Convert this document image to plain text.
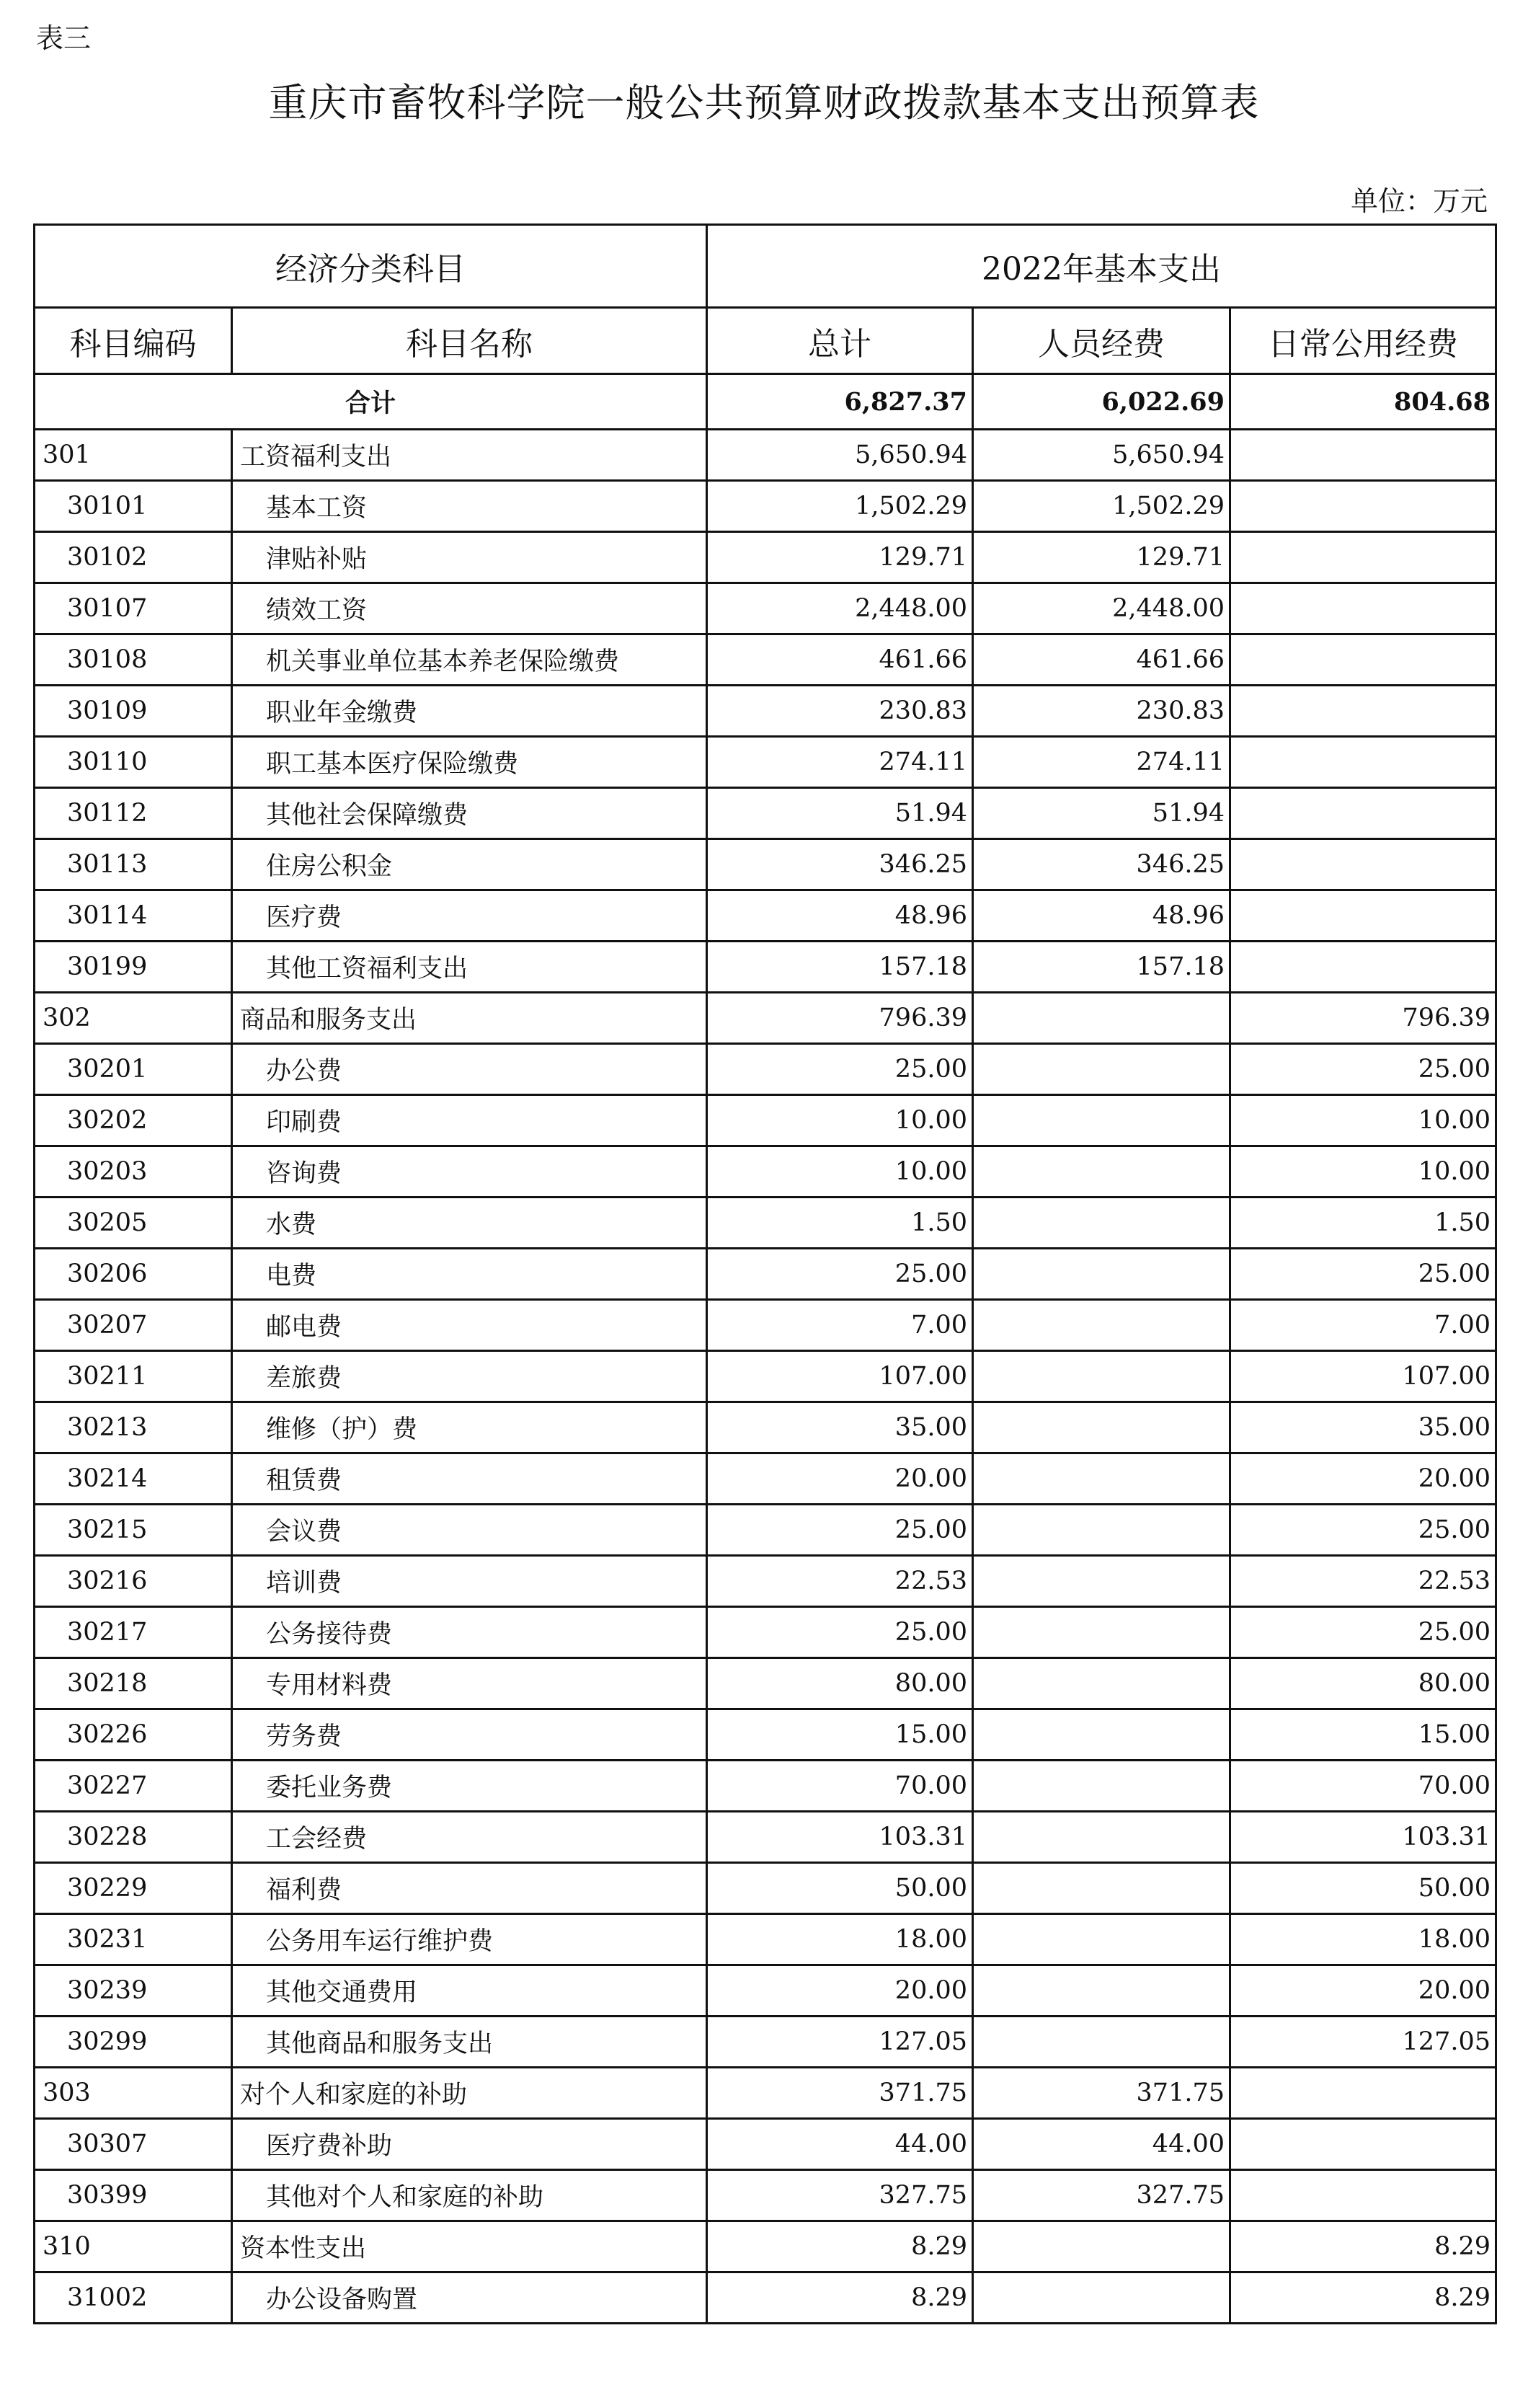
表三
重庆市畜牧科学院一般公共预算财政拨款基本支出预算表
单位：万元
经济分类科目		2022年基本支出		
科目编码	科目名称	总计	人员经费	日常公用经费
合计		6,827.37	6,022.69	804.68
301	工资福利支出	5,650.94	5,650.94	
30101	基本工资	1,502.29	1,502.29	
30102	津贴补贴	129.71	129.71	
30107	绩效工资	2,448.00	2,448.00	
30108	机关事业单位基本养老保险缴费	461.66	461.66	
30109	职业年金缴费	230.83	230.83	
30110	职工基本医疗保险缴费	274.11	274.11	
30112	其他社会保障缴费	51.94	51.94	
30113	住房公积金	346.25	346.25	
30114	医疗费	48.96	48.96	
30199	其他工资福利支出	157.18	157.18	
302	商品和服务支出	796.39		796.39
30201	办公费	25.00		25.00
30202	印刷费	10.00		10.00
30203	咨询费	10.00		10.00
30205	水费	1.50		1.50
30206	电费	25.00		25.00
30207	邮电费	7.00		7.00
30211	差旅费	107.00		107.00
30213	维修（护）费	35.00		35.00
30214	租赁费	20.00		20.00
30215	会议费	25.00		25.00
30216	培训费	22.53		22.53
30217	公务接待费	25.00		25.00
30218	专用材料费	80.00		80.00
30226	劳务费	15.00		15.00
30227	委托业务费	70.00		70.00
30228	工会经费	103.31		103.31
30229	福利费	50.00		50.00
30231	公务用车运行维护费	18.00		18.00
30239	其他交通费用	20.00		20.00
30299	其他商品和服务支出	127.05		127.05
303	对个人和家庭的补助	371.75	371.75	
30307	医疗费补助	44.00	44.00	
30399	其他对个人和家庭的补助	327.75	327.75	
310	资本性支出	8.29		8.29
31002	办公设备购置	8.29		8.29
